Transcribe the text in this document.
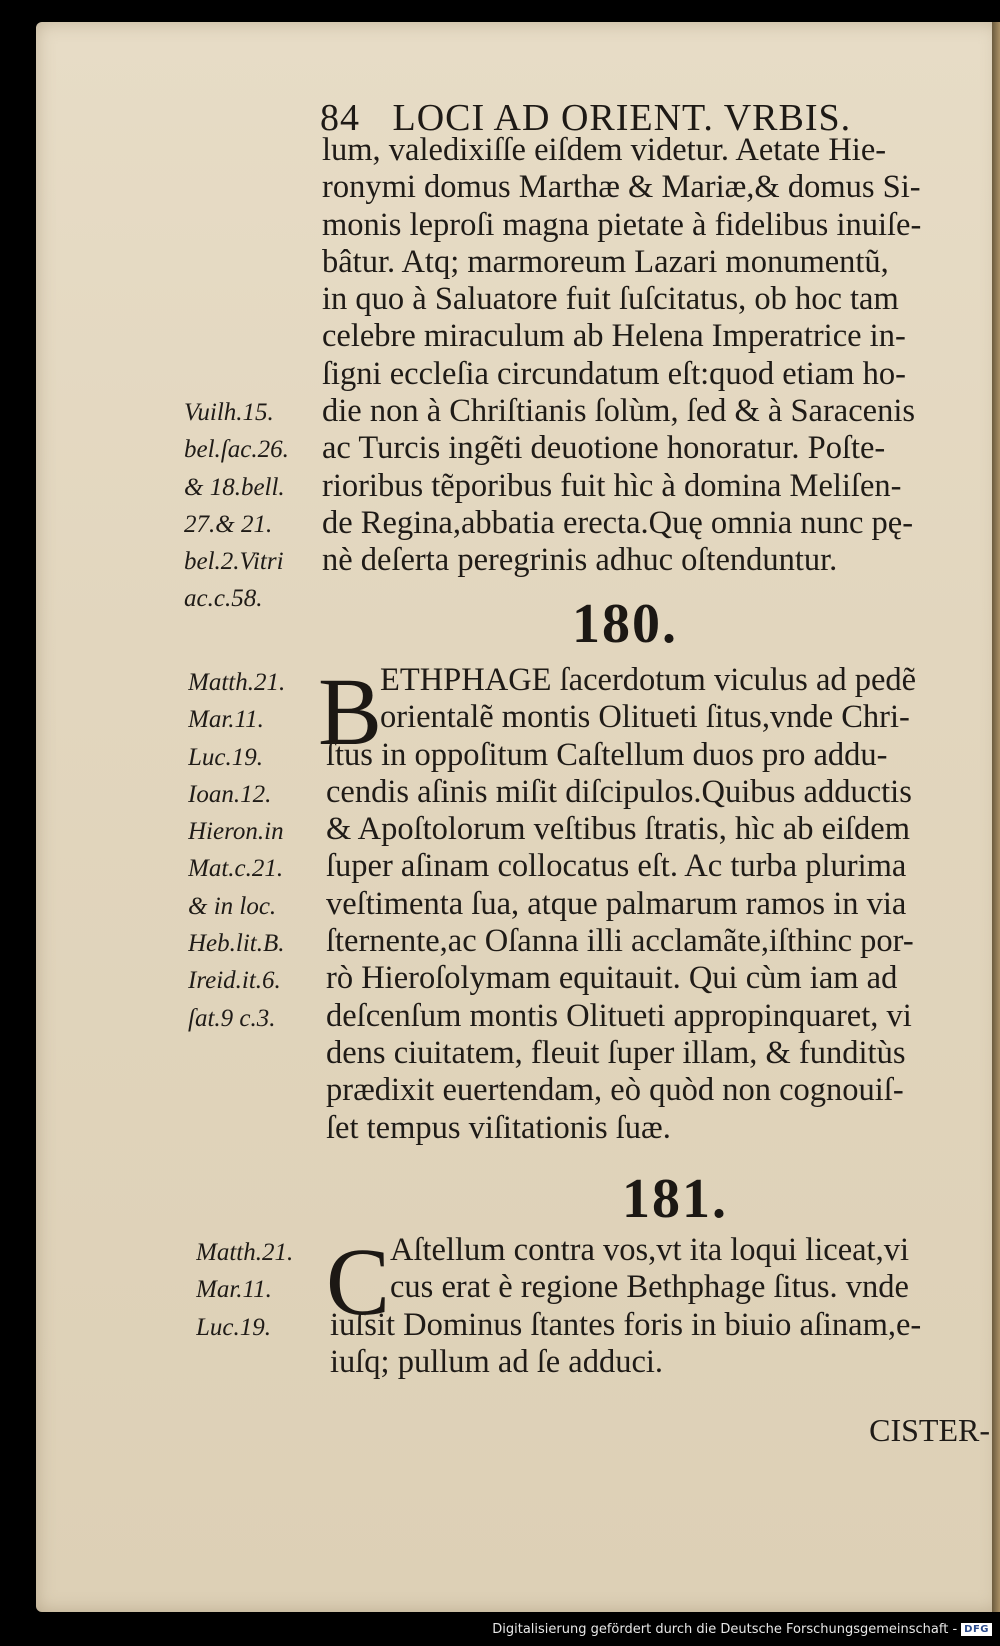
84 LOCI AD ORIENT. VRBIS.
lum, valedixiſſe eiſdem videtur. Aetate Hie-
ronymi domus Marthæ & Mariæ,& domus Si-
monis leproſi magna pietate à fidelibus inuiſe-
bâtur. Atq; marmoreum Lazari monumentũ,
in quo à Saluatore fuit ſuſcitatus, ob hoc tam
celebre miraculum ab Helena Imperatrice in-
ſigni eccleſia circundatum eſt:quod etiam ho-
die non à Chriſtianis ſolùm, ſed & à Saracenis
ac Turcis ingẽti deuotione honoratur. Poſte-
rioribus tẽporibus fuit hìc à domina Meliſen-
de Regina,abbatia erecta.Quę omnia nunc pę-
nè deſerta peregrinis adhuc oſtenduntur.
Vuilh.15.
bel.ſac.26.
& 18.bell.
27.& 21.
bel.2.Vitri
ac.c.58.	180.
B
ETHPHAGE ſacerdotum viculus ad pedẽ
orientalẽ montis Olitueti ſitus,vnde Chri-
ſtus in oppoſitum Caſtellum duos pro addu-
cendis aſinis miſit diſcipulos.Quibus adductis
& Apoſtolorum veſtibus ſtratis, hìc ab eiſdem
ſuper aſinam collocatus eſt. Ac turba plurima
veſtimenta ſua, atque palmarum ramos in via
ſternente,ac Oſanna illi acclamãte,iſthinc por-
rò Hieroſolymam equitauit. Qui cùm iam ad
deſcenſum montis Olitueti appropinquaret, vi
dens ciuitatem, fleuit ſuper illam, & funditùs
prædixit euertendam, eò quòd non cognouiſ-
ſet tempus viſitationis ſuæ.
Matth.21.
Mar.11.
Luc.19.
Ioan.12.
Hieron.in
Mat.c.21.
& in loc.
Heb.lit.B.
Ireid.it.6.
ſat.9 c.3.
181.
C Aſtellum contra vos,vt ita loqui liceat,vi
cus erat è regione Bethphage ſitus. vnde
iuſsit Dominus ſtantes foris in biuio aſinam,e-
iuſq; pullum ad ſe adduci.
Matth.21.
Mar.11.
Luc.19.
CISTER-
Digitalisierung gefördert durch die Deutsche Forschungsgemeinschaft - DFG
